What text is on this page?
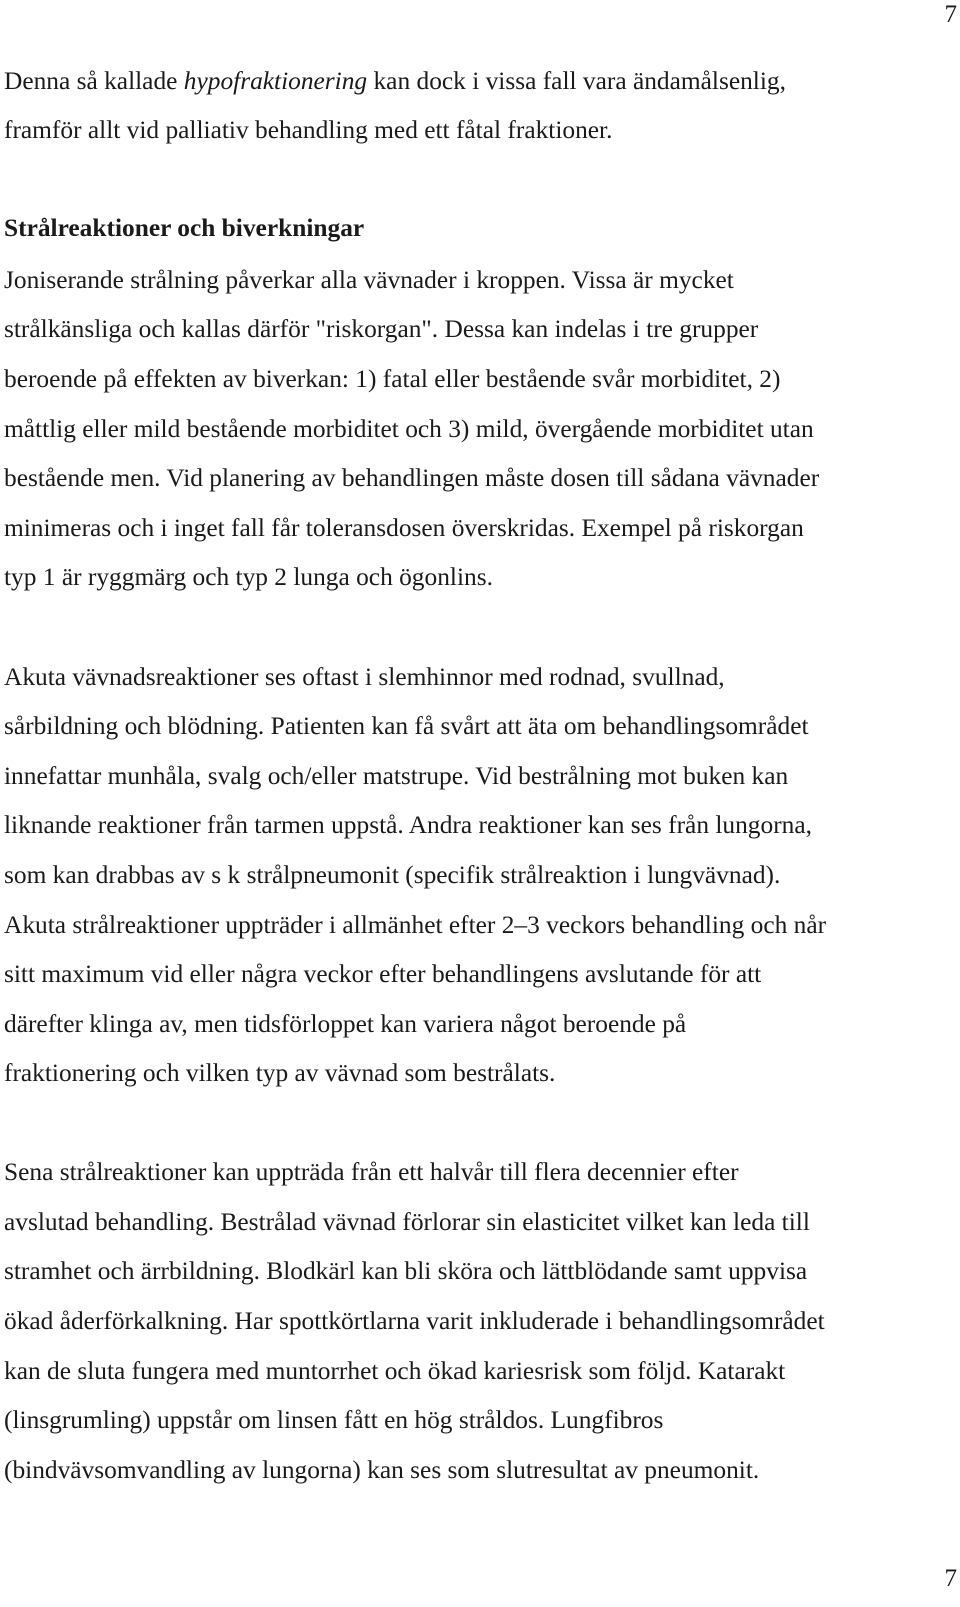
7
Denna så kallade hypofraktionering kan dock i vissa fall vara ändamålsenlig,
framför allt vid palliativ behandling med ett fåtal fraktioner.
Strålreaktioner och biverkningar
Joniserande strålning påverkar alla vävnader i kroppen. Vissa är mycket
strålkänsliga och kallas därför "riskorgan". Dessa kan indelas i tre grupper
beroende på effekten av biverkan: 1) fatal eller bestående svår morbiditet, 2)
måttlig eller mild bestående morbiditet och 3) mild, övergående morbiditet utan
bestående men. Vid planering av behandlingen måste dosen till sådana vävnader
minimeras och i inget fall får toleransdosen överskridas. Exempel på riskorgan
typ 1 är ryggmärg och typ 2 lunga och ögonlins.
Akuta vävnadsreaktioner ses oftast i slemhinnor med rodnad, svullnad,
sårbildning och blödning. Patienten kan få svårt att äta om behandlingsområdet
innefattar munhåla, svalg och/eller matstrupe. Vid bestrålning mot buken kan
liknande reaktioner från tarmen uppstå. Andra reaktioner kan ses från lungorna,
som kan drabbas av s k strålpneumonit (specifik strålreaktion i lungvävnad).
Akuta strålreaktioner uppträder i allmänhet efter 2–3 veckors behandling och når
sitt maximum vid eller några veckor efter behandlingens avslutande för att
därefter klinga av, men tidsförloppet kan variera något beroende på
fraktionering och vilken typ av vävnad som bestrålats.
Sena strålreaktioner kan uppträda från ett halvår till flera decennier efter
avslutad behandling. Bestrålad vävnad förlorar sin elasticitet vilket kan leda till
stramhet och ärrbildning. Blodkärl kan bli sköra och lättblödande samt uppvisa
ökad åderförkalkning. Har spottkörtlarna varit inkluderade i behandlingsområdet
kan de sluta fungera med muntorrhet och ökad kariesrisk som följd. Katarakt
(linsgrumling) uppstår om linsen fått en hög stråldos. Lungfibros
(bindvävsomvandling av lungorna) kan ses som slutresultat av pneumonit.
7
